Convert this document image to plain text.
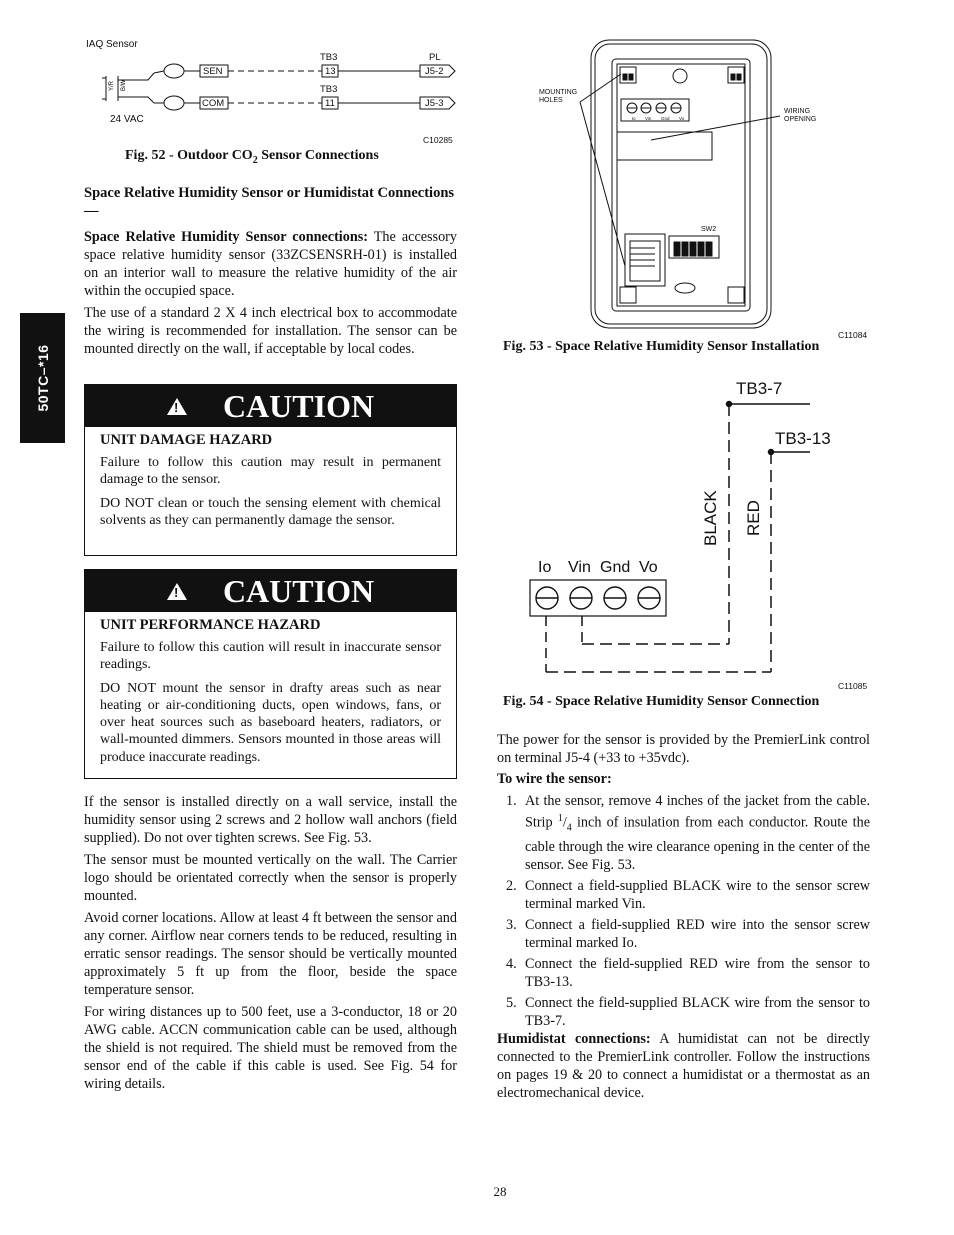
50TC–*16
Y/R B/W
IAQ Sensor
24 VAC
SEN
COM
TB3
TB3
13
11
PL
J5-2
J5-3
C10285
Fig. 52 - Outdoor $CO_2$ Sensor Connections
Space Relative Humidity Sensor or Humidistat Connections —

Space Relative Humidity Sensor connections: The accessory space relative humidity sensor (33ZCSENSRH-01) is installed on an interior wall to measure the relative humidity of the air within the occupied space.

The use of a standard 2 X 4 inch electrical box to accommodate the wiring is recommended for installation. The sensor can be mounted directly on the wall, if acceptable by local codes.

!
CAUTION
UNIT DAMAGE HAZARD

Failure to follow this caution may result in permanent damage to the sensor.

DO NOT clean or touch the sensing element with chemical solvents as they can permanently damage the sensor.

!
CAUTION
UNIT PERFORMANCE HAZARD

Failure to follow this caution will result in inaccurate sensor readings.

DO NOT mount the sensor in drafty areas such as near heating or air-conditioning ducts, open windows, fans, or over heat sources such as baseboard heaters, radiators, or wall-mounted dimmers. Sensors mounted in those areas will produce inaccurate readings.

If the sensor is installed directly on a wall service, install the humidity sensor using 2 screws and 2 hollow wall anchors (field supplied). Do not over tighten screws. See Fig. 53.

The sensor must be mounted vertically on the wall. The Carrier logo should be orientated correctly when the sensor is properly mounted.

Avoid corner locations. Allow at least 4 ft between the sensor and any corner. Airflow near corners tends to be reduced, resulting in erratic sensor readings. The sensor should be vertically mounted approximately 5 ft up from the floor, beside the space temperature sensor.

For wiring distances up to 500 feet, use a 3-conductor, 18 or 20 AWG cable. ACCN communication cable can be used, although the shield is not required. The shield must be removed from the sensor end of the cable if this cable is used. See Fig. 54 for wiring details.

MOUNTING
HOLES
WIRING
OPENING
Io Vin Gnd Vo
SW2
C11084
Fig. 53 - Space Relative Humidity Sensor Installation
TB3-7
TB3-13
BLACK RED
Io Vin Gnd Vo
C11085
Fig. 54 - Space Relative Humidity Sensor Connection

The power for the sensor is provided by the PremierLink control on terminal J5-4 (+33 to +35vdc).

To wire the sensor:
1. At the sensor, remove 4 inches of the jacket from the cable. Strip $^1/_4$ inch of insulation from each conductor. Route the cable through the wire clearance opening in the center of the sensor. See Fig. 53.
2. Connect a field-supplied BLACK wire to the sensor screw terminal marked Vin.
3. Connect a field-supplied RED wire into the sensor screw terminal marked Io.
4. Connect the field-supplied RED wire from the sensor to TB3-13.
5. Connect the field-supplied BLACK wire from the sensor to TB3-7.

Humidistat connections: A humidistat can not be directly connected to the PremierLink controller. Follow the instructions on pages 19 & 20 to connect a humidistat or a thermostat as an electromechanical device.

28
